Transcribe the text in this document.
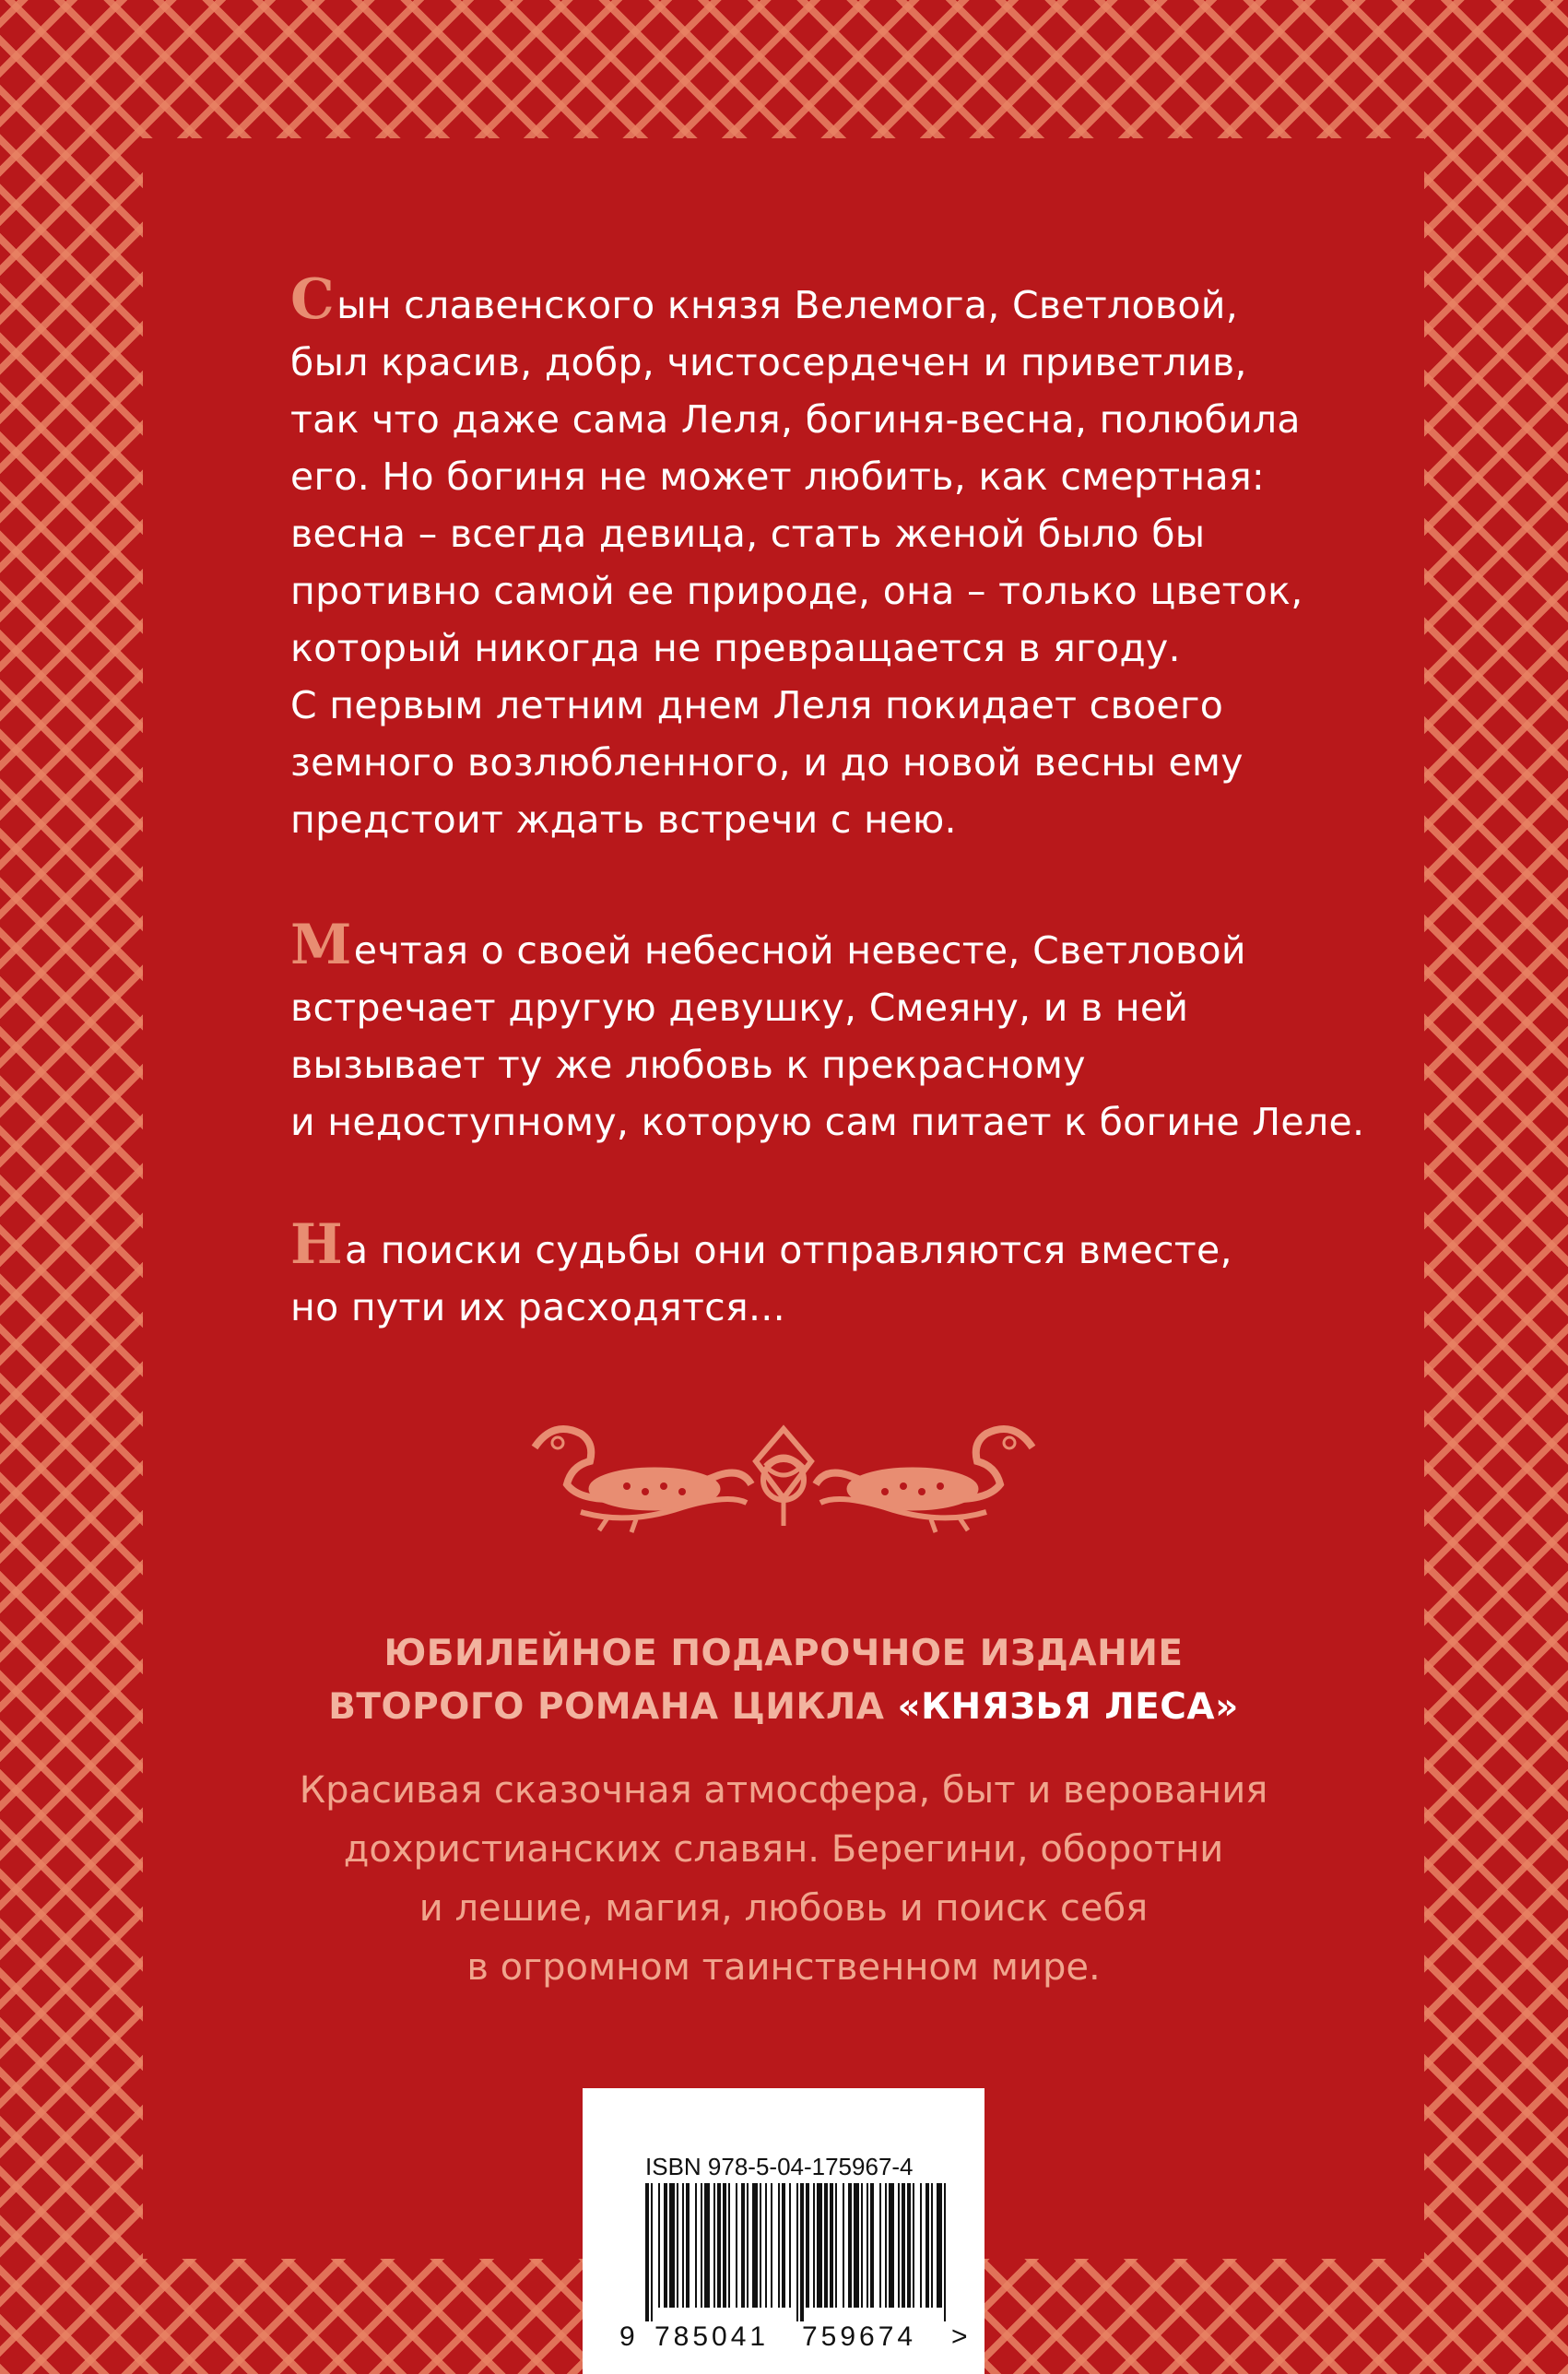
Сын славенского князя Велемога, Светловой,
был красив, добр, чистосердечен и приветлив,
так что даже сама Леля, богиня-весна, полюбила
его. Но богиня не может любить, как смертная:
весна – всегда девица, стать женой было бы
противно самой ее природе, она – только цветок,
который никогда не превращается в ягоду.
С первым летним днем Леля покидает своего
земного возлюбленного, и до новой весны ему
предстоит ждать встречи с нею.
Мечтая о своей небесной невесте, Светловой
встречает другую девушку, Смеяну, и в ней
вызывает ту же любовь к прекрасному
и недоступному, которую сам питает к богине Леле.
На поиски судьбы они отправляются вместе,
но пути их расходятся...
ЮБИЛЕЙНОЕ ПОДАРОЧНОЕ ИЗДАНИЕ
ВТОРОГО РОМАНА ЦИКЛА «КНЯЗЬЯ ЛЕСА»
Красивая сказочная атмосфера, быт и верования
дохристианских славян. Берегини, оборотни
и лешие, магия, любовь и поиск себя
в огромном таинственном мире.
ISBN 978-5-04-175967-4
9 785041 759674 >
